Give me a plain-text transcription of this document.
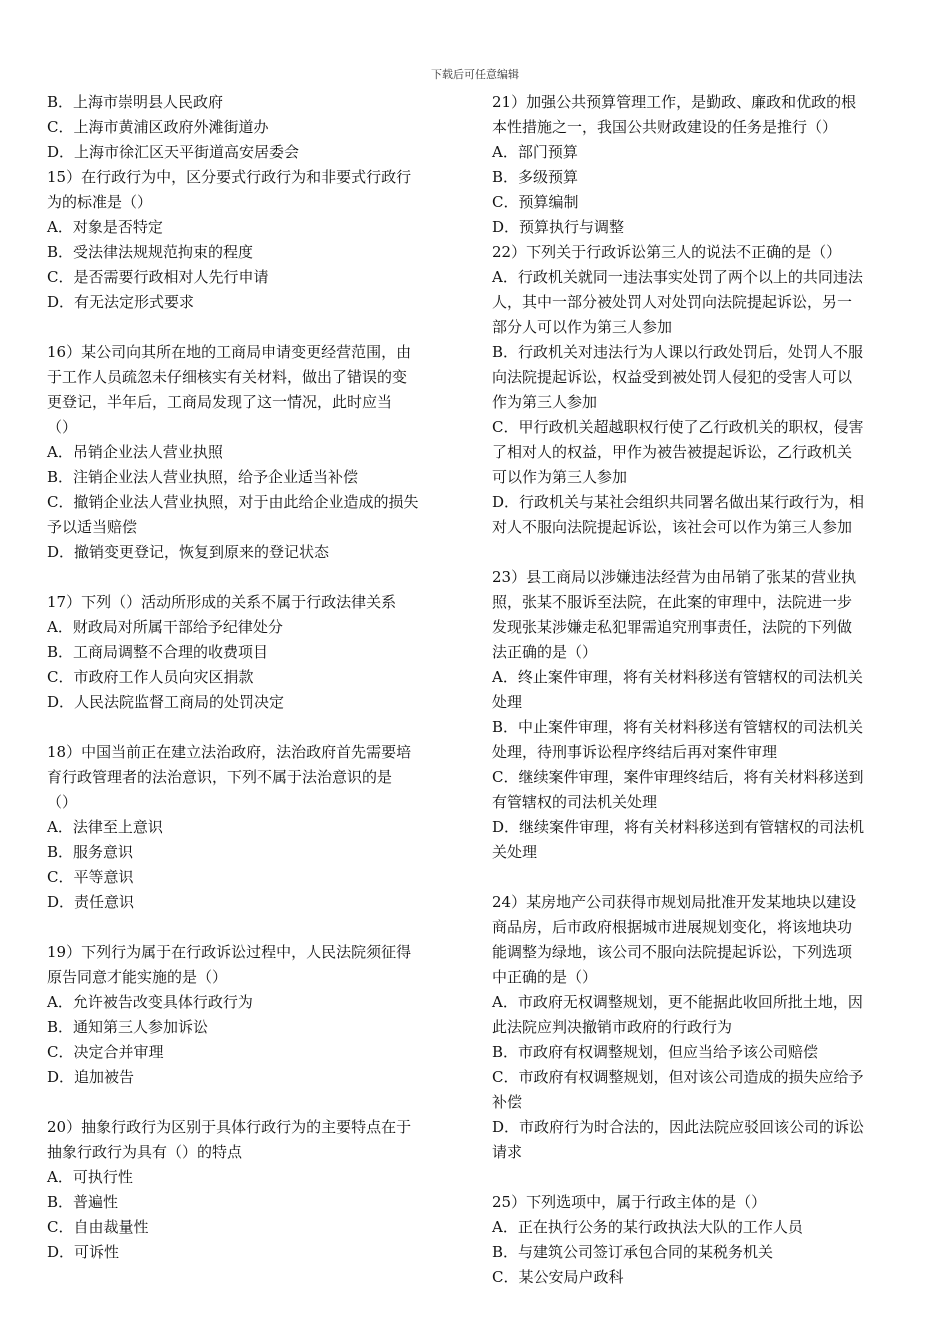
下载后可任意编辑
B．上海市崇明县人民政府
C．上海市黄浦区政府外滩街道办
D．上海市徐汇区天平街道高安居委会
15）在行政行为中，区分要式行政行为和非要式行政行
为的标准是（）
A．对象是否特定
B．受法律法规规范拘束的程度
C．是否需要行政相对人先行申请
D．有无法定形式要求
16）某公司向其所在地的工商局申请变更经营范围，由
于工作人员疏忽未仔细核实有关材料，做出了错误的变
更登记，半年后，工商局发现了这一情况，此时应当
（）
A．吊销企业法人营业执照
B．注销企业法人营业执照，给予企业适当补偿
C．撤销企业法人营业执照，对于由此给企业造成的损失
予以适当赔偿
D．撤销变更登记，恢复到原来的登记状态
17）下列（）活动所形成的关系不属于行政法律关系
A．财政局对所属干部给予纪律处分
B．工商局调整不合理的收费项目
C．市政府工作人员向灾区捐款
D．人民法院监督工商局的处罚决定
18）中国当前正在建立法治政府，法治政府首先需要培
育行政管理者的法治意识，下列不属于法治意识的是
（）
A．法律至上意识
B．服务意识
C．平等意识
D．责任意识
19）下列行为属于在行政诉讼过程中，人民法院须征得
原告同意才能实施的是（）
A．允许被告改变具体行政行为
B．通知第三人参加诉讼
C．决定合并审理
D．追加被告
20）抽象行政行为区别于具体行政行为的主要特点在于
抽象行政行为具有（）的特点
A．可执行性
B．普遍性
C．自由裁量性
D．可诉性
21）加强公共预算管理工作，是勤政、廉政和优政的根
本性措施之一，我国公共财政建设的任务是推行（）
A．部门预算
B．多级预算
C．预算编制
D．预算执行与调整
22）下列关于行政诉讼第三人的说法不正确的是（）
A．行政机关就同一违法事实处罚了两个以上的共同违法
人，其中一部分被处罚人对处罚向法院提起诉讼，另一
部分人可以作为第三人参加
B．行政机关对违法行为人课以行政处罚后，处罚人不服
向法院提起诉讼，权益受到被处罚人侵犯的受害人可以
作为第三人参加
C．甲行政机关超越职权行使了乙行政机关的职权，侵害
了相对人的权益，甲作为被告被提起诉讼，乙行政机关
可以作为第三人参加
D．行政机关与某社会组织共同署名做出某行政行为，相
对人不服向法院提起诉讼，该社会可以作为第三人参加
23）县工商局以涉嫌违法经营为由吊销了张某的营业执
照，张某不服诉至法院，在此案的审理中，法院进一步
发现张某涉嫌走私犯罪需追究刑事责任，法院的下列做
法正确的是（）
A．终止案件审理，将有关材料移送有管辖权的司法机关
处理
B．中止案件审理，将有关材料移送有管辖权的司法机关
处理，待刑事诉讼程序终结后再对案件审理
C．继续案件审理，案件审理终结后，将有关材料移送到
有管辖权的司法机关处理
D．继续案件审理，将有关材料移送到有管辖权的司法机
关处理
24）某房地产公司获得市规划局批准开发某地块以建设
商品房，后市政府根据城市进展规划变化，将该地块功
能调整为绿地，该公司不服向法院提起诉讼，下列选项
中正确的是（）
A．市政府无权调整规划，更不能据此收回所批土地，因
此法院应判决撤销市政府的行政行为
B．市政府有权调整规划，但应当给予该公司赔偿
C．市政府有权调整规划，但对该公司造成的损失应给予
补偿
D．市政府行为时合法的，因此法院应驳回该公司的诉讼
请求
25）下列选项中，属于行政主体的是（）
A．正在执行公务的某行政执法大队的工作人员
B．与建筑公司签订承包合同的某税务机关
C．某公安局户政科
